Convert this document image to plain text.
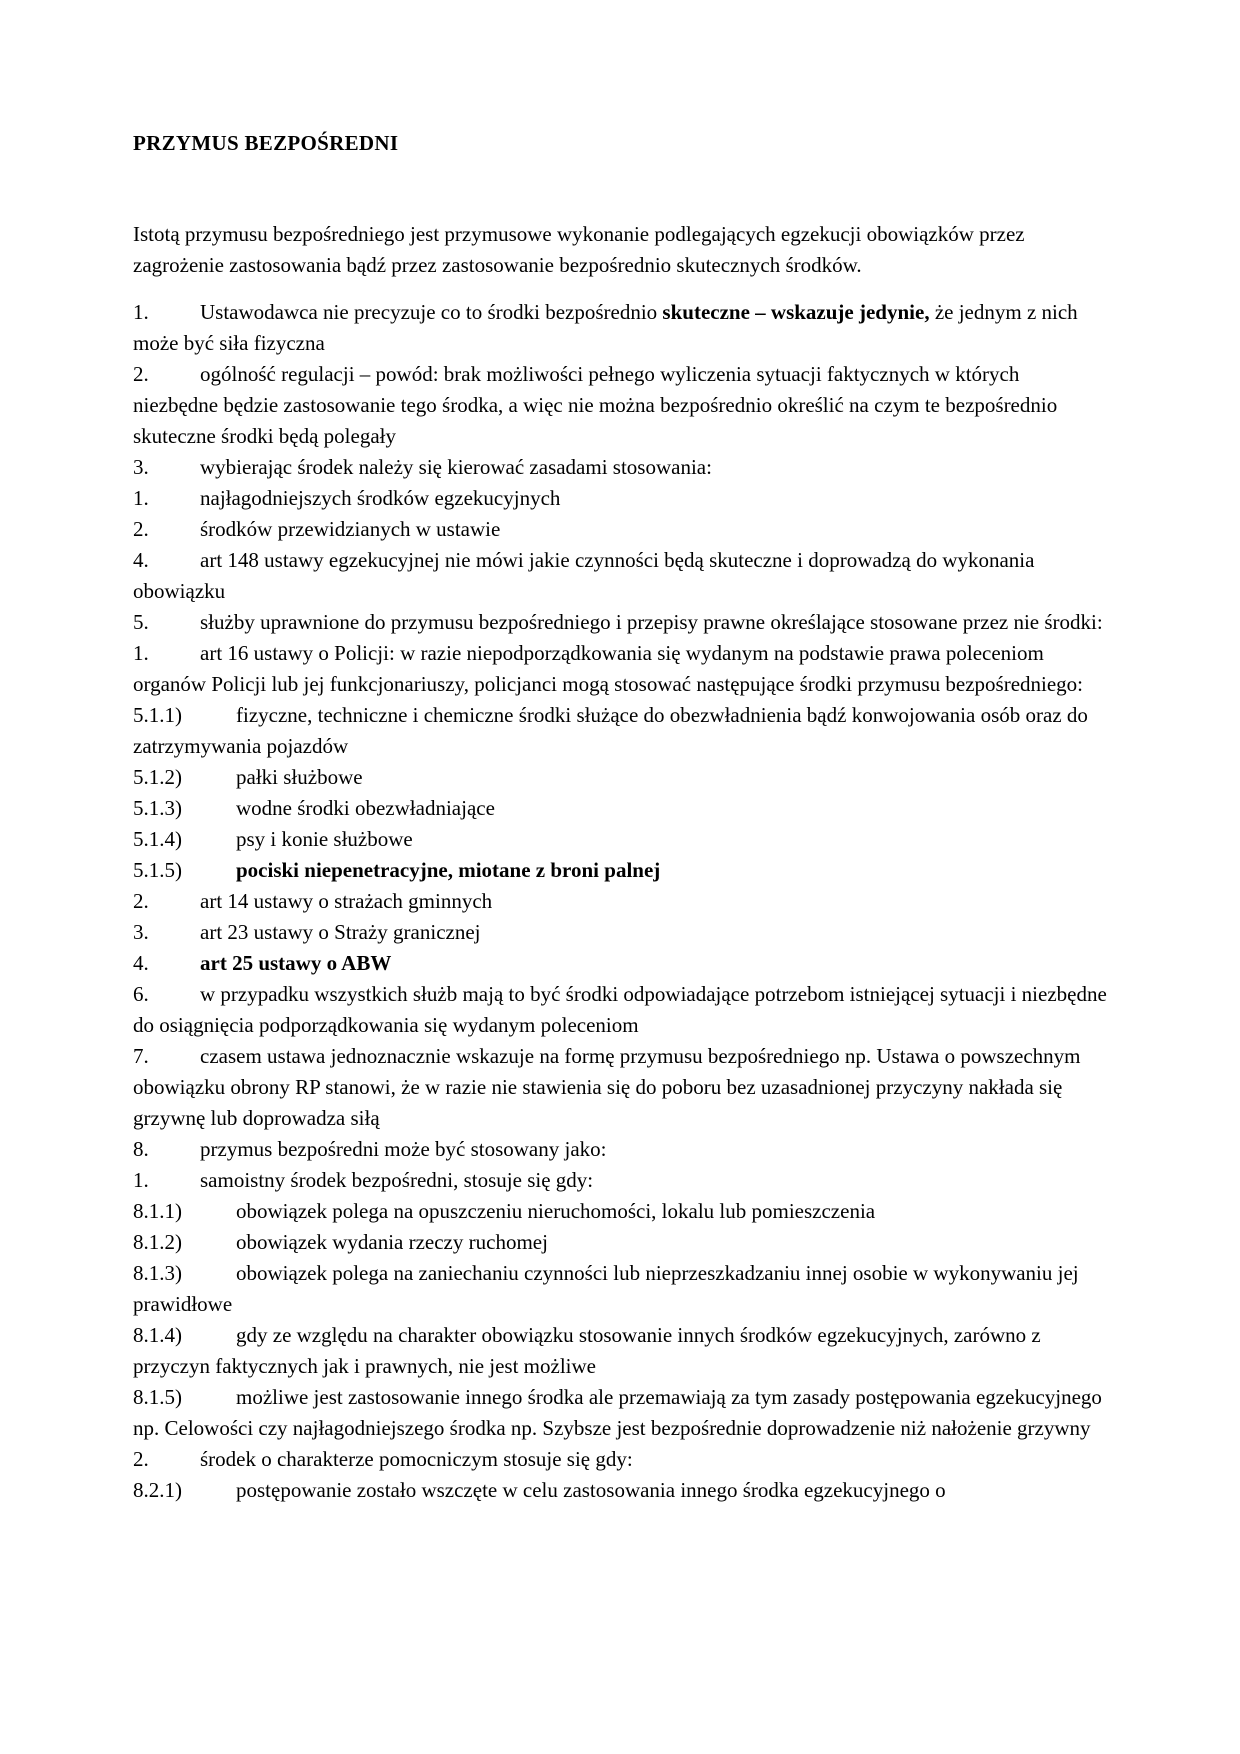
PRZYMUS BEZPOŚREDNI

Istotą przymusu bezpośredniego jest przymusowe wykonanie podlegających egzekucji obowiązków przez zagrożenie zastosowania bądź przez zastosowanie bezpośrednio skutecznych środków.

1. Ustawodawca nie precyzuje co to środki bezpośrednio skuteczne – wskazuje jedynie, że jednym z nich może być siła fizyczna
2. ogólność regulacji – powód: brak możliwości pełnego wyliczenia sytuacji faktycznych w których niezbędne będzie zastosowanie tego środka, a więc nie można bezpośrednio określić na czym te bezpośrednio skuteczne środki będą polegały
3. wybierając środek należy się kierować zasadami stosowania:
1. najłagodniejszych środków egzekucyjnych
2. środków przewidzianych w ustawie
4. art 148 ustawy egzekucyjnej nie mówi jakie czynności będą skuteczne i doprowadzą do wykonania obowiązku
5. służby uprawnione do przymusu bezpośredniego i przepisy prawne określające stosowane przez nie środki:
1. art 16 ustawy o Policji: w razie niepodporządkowania się wydanym na podstawie prawa poleceniom organów Policji lub jej funkcjonariuszy, policjanci mogą stosować następujące środki przymusu bezpośredniego:
5.1.1)	fizyczne, techniczne i chemiczne środki służące do obezwładnienia bądź konwojowania osób oraz do zatrzymywania pojazdów
5.1.2)	pałki służbowe
5.1.3)	wodne środki obezwładniające
5.1.4)	psy i konie służbowe
5.1.5)	pociski niepenetracyjne, miotane z broni palnej
2. art 14 ustawy o strażach gminnych
3. art 23 ustawy o Straży granicznej
4. art 25 ustawy o ABW
6. w przypadku wszystkich służb mają to być środki odpowiadające potrzebom istniejącej sytuacji i niezbędne do osiągnięcia podporządkowania się wydanym poleceniom
7. czasem ustawa jednoznacznie wskazuje na formę przymusu bezpośredniego np. Ustawa o powszechnym obowiązku obrony RP stanowi, że w razie nie stawienia się do poboru bez uzasadnionej przyczyny nakłada się grzywnę lub doprowadza siłą
8. przymus bezpośredni może być stosowany jako:
1. samoistny środek bezpośredni, stosuje się gdy:
8.1.1)	obowiązek polega na opuszczeniu nieruchomości, lokalu lub pomieszczenia
8.1.2)	obowiązek wydania rzeczy ruchomej
8.1.3)	obowiązek polega na zaniechaniu czynności lub nieprzeszkadzaniu innej osobie w wykonywaniu jej prawidłowe
8.1.4)	gdy ze względu na charakter obowiązku stosowanie innych środków egzekucyjnych, zarówno z przyczyn faktycznych jak i prawnych, nie jest możliwe
8.1.5)	możliwe jest zastosowanie innego środka ale przemawiają za tym zasady postępowania egzekucyjnego np. Celowości czy najłagodniejszego środka np. Szybsze jest bezpośrednie doprowadzenie niż nałożenie grzywny
2. środek o charakterze pomocniczym stosuje się gdy:
8.2.1)	postępowanie zostało wszczęte w celu zastosowania innego środka egzekucyjnego o
